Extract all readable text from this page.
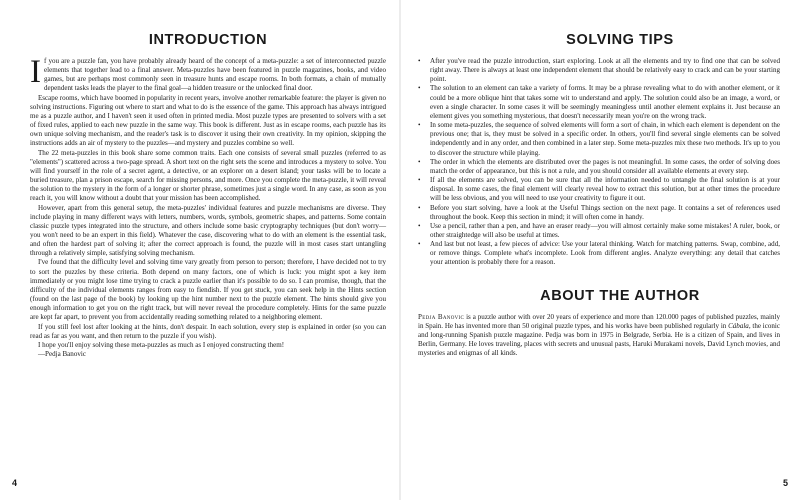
INTRODUCTION

If you are a puzzle fan, you have probably already heard of the concept of a meta-puzzle: a set of interconnected puzzle elements that together lead to a final answer. Meta-puzzles have been featured in puzzle magazines, books, and video games, but are perhaps most commonly seen in treasure hunts and escape rooms. In both formats, a chain of mutually dependent tasks leads the player to the final goal—a hidden treasure or the unlocked final door.

Escape rooms, which have boomed in popularity in recent years, involve another remarkable feature: the player is given no solving instructions. Figuring out where to start and what to do is the essence of the game. This approach has always intrigued me as a puzzle author, and I haven't seen it used often in printed media. Most puzzle types are presented to solvers with a set of fixed rules, applied to each new puzzle in the same way. This book is different. Just as in escape rooms, each puzzle has its own unique solving mechanism, and the reader's task is to discover it using their own creativity. In my opinion, skipping the instructions adds an air of mystery to the puzzles—and mystery and puzzles combine so well.

The 22 meta-puzzles in this book share some common traits. Each one consists of several small puzzles (referred to as "elements") scattered across a two-page spread. A short text on the right sets the scene and introduces a mystery to solve. You will find yourself in the role of a secret agent, a detective, or an explorer on a desert island; your tasks will be to locate a buried treasure, plan a prison escape, search for missing persons, and more. Once you complete the meta-puzzle, it will reveal the solution to the mystery in the form of a longer or shorter phrase, sometimes just a single word. In any case, as soon as you reach it, you will know without a doubt that your mission has been accomplished.

However, apart from this general setup, the meta-puzzles' individual features and puzzle mechanisms are diverse. They include playing in many different ways with letters, numbers, words, symbols, geometric shapes, and patterns. Some contain classic puzzle types integrated into the structure, and others include some basic cryptography techniques (but don't worry—you won't need to be an expert in this field). Whatever the case, discovering what to do with an element is the essential task, and often the hardest part of solving it; after the correct approach is found, the puzzle will in most cases start untangling through a relatively simple, satisfying solving mechanism.

I've found that the difficulty level and solving time vary greatly from person to person; therefore, I have decided not to try to sort the puzzles by these criteria. Both depend on many factors, one of which is luck: you might spot a key item immediately or you might lose time trying to crack a puzzle earlier than it's possible to do so. I can promise, though, that the difficulty of the individual elements ranges from easy to fiendish. If you get stuck, you can seek help in the Hints section (found on the last page of the book) by looking up the hint number next to the puzzle element. The hints should give you enough information to get you on the right track, but will never reveal the procedure completely. Hints for the same puzzle are kept far apart, to prevent you from accidentally reading something related to a neighboring element.

If you still feel lost after looking at the hints, don't despair. In each solution, every step is explained in order (so you can read as far as you want, and then return to the puzzle if you wish).

I hope you'll enjoy solving these meta-puzzles as much as I enjoyed constructing them!

—Pedja Banovic

4
SOLVING TIPS
• After you've read the puzzle introduction, start exploring. Look at all the elements and try to find one that can be solved right away. There is always at least one independent element that should be relatively easy to crack and can be your starting point.
• The solution to an element can take a variety of forms. It may be a phrase revealing what to do with another element, or it could be a more oblique hint that takes some wit to understand and apply. The solution could also be an image, a word, or even a single character. In some cases it will be seemingly meaningless until another element explains it. Just because an element gives you something mysterious, that doesn't necessarily mean you're on the wrong track.
• In some meta-puzzles, the sequence of solved elements will form a sort of chain, in which each element is dependent on the previous one; that is, they must be solved in a specific order. In others, you'll find several single elements can be solved independently and in any order, and then combined in a later step. Some meta-puzzles mix these two methods. It's up to you to discover the structure while playing.
• The order in which the elements are distributed over the pages is not meaningful. In some cases, the order of solving does match the order of appearance, but this is not a rule, and you should consider all available elements at every step.
• If all the elements are solved, you can be sure that all the information needed to untangle the final solution is at your disposal. In some cases, the final element will clearly reveal how to extract this solution, but at other times the procedure will be less obvious, and you will need to use your creativity to figure it out.
• Before you start solving, have a look at the Useful Things section on the next page. It contains a set of references used throughout the book. Keep this section in mind; it will often come in handy.
• Use a pencil, rather than a pen, and have an eraser ready—you will almost certainly make some mistakes! A ruler, book, or other straightedge will also be useful at times.
• And last but not least, a few pieces of advice: Use your lateral thinking. Watch for matching patterns. Swap, combine, add, or remove things. Complete what's incomplete. Look from different angles. Analyze everything: any detail that catches your attention is probably there for a reason.
ABOUT THE AUTHOR

Pedja Banovic is a puzzle author with over 20 years of experience and more than 120.000 pages of published puzzles, mainly in Spain. He has invented more than 50 original puzzle types, and his works have been published regularly in Cábala, the iconic and long-running Spanish puzzle magazine. Pedja was born in 1975 in Belgrade, Serbia. He is a citizen of Spain, and lives in Berlin, Germany. He loves traveling, places with secrets and unusual pasts, Haruki Murakami novels, David Lynch movies, and mysteries and enigmas of all kinds.

5
